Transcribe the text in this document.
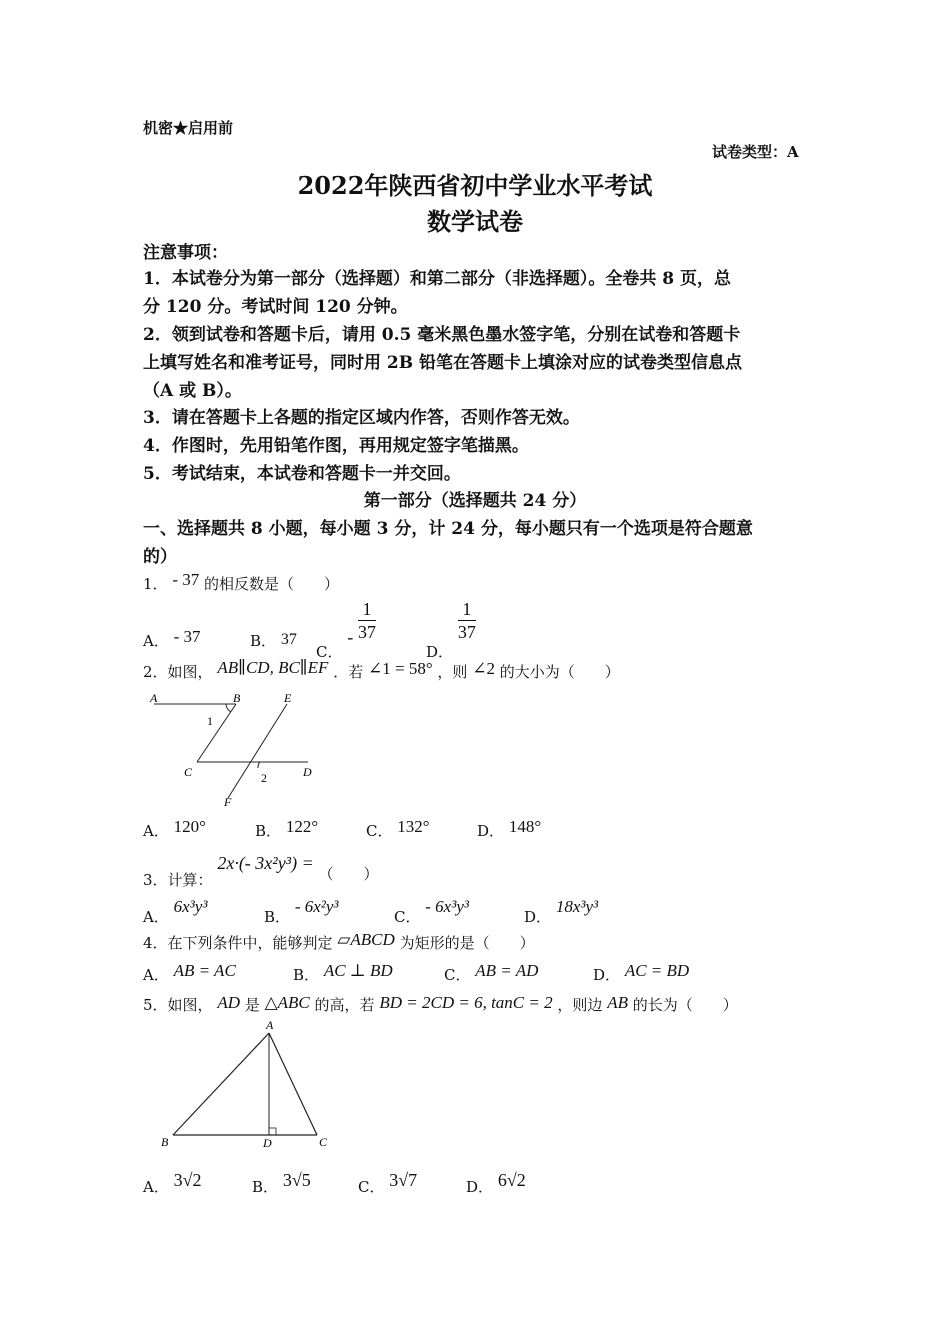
机密★启用前
试卷类型：A
2022年陕西省初中学业水平考试
数学试卷
注意事项：
1．本试卷分为第一部分（选择题）和第二部分（非选择题）。全卷共 8 页，总
分 120 分。考试时间 120 分钟。
2．领到试卷和答题卡后，请用 0.5 毫米黑色墨水签字笔，分别在试卷和答题卡
上填写姓名和准考证号，同时用 2B 铅笔在答题卡上填涂对应的试卷类型信息点
（A 或 B）。
3．请在答题卡上各题的指定区域内作答，否则作答无效。
4．作图时，先用铅笔作图，再用规定签字笔描黑。
5．考试结束，本试卷和答题卡一并交回。
第一部分（选择题共 24 分）
一、选择题共 8 小题，每小题 3 分，计 24 分，每小题只有一个选项是符合题意
的）
1． - 37 的相反数是（　　）
A． - 37	B． 37
C． - $\frac{1}{37}$
D．
$\frac{1}{37}$
2．如图， AB∥CD, BC∥EF ．若 ∠1 = 58° ，则 ∠2 的大小为（　　）
A	B	E
C	D
F
1
2
A． 120°	B． 122°	C． 132°	D． 148°
3．计算： 2x·(- 3x²y³) = （　　）
A． 6x³y³
B． - 6x²y³
C． - 6x³y³
D． 18x³y³
4．在下列条件中，能够判定 ▱ABCD 为矩形的是（　　）
A． AB = AC	B． AC ⊥ BD	C． AB = AD	D． AC = BD
5．如图， AD 是 △ABC 的高，若 BD = 2CD = 6, tanC = 2 ，则边 AB 的长为（　　）
A
B	D	C
A． 3√2	B． 3√5	C． 3√7	D． 6√2
